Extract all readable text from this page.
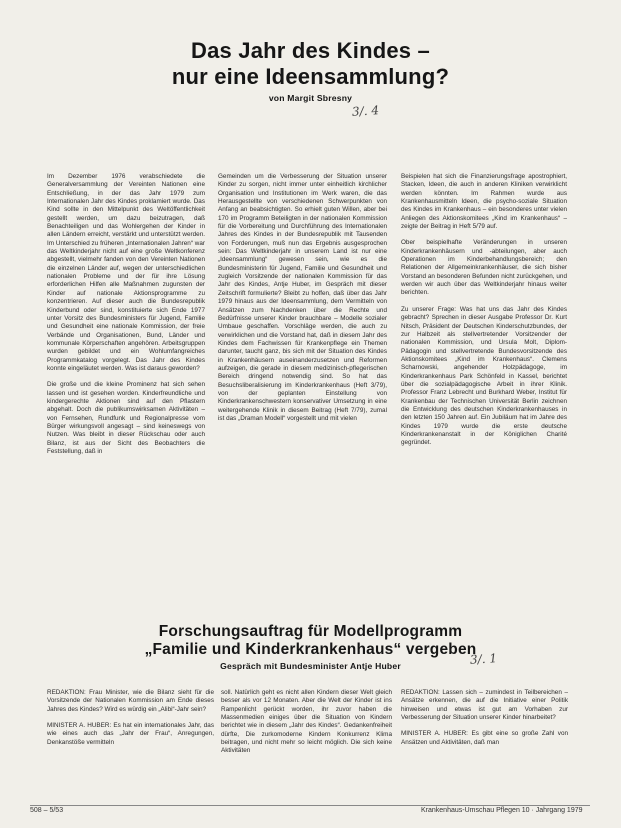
Das Jahr des Kindes –
nur eine Ideensammlung?
von Margit Sbresny
3/. 4

Im Dezember 1976 verabschiedete die Generalversammlung der Vereinten Nationen eine Entschließung, in der das Jahr 1979 zum Internationalen Jahr des Kindes proklamiert wurde. Das Kind sollte in den Mittelpunkt des Weltöffentlichkeit gestellt werden, um dazu beizutragen, daß Benachteiligen und das Wohlergehen der Kinder in allen Ländern erreicht, verstärkt und unterstützt werden. Im Unterschied zu früheren „Internationalen Jahren“ war das Weltkinderjahr nicht auf eine große Weltkonferenz abgestellt, vielmehr fanden von den Vereinten Nationen die einzelnen Länder auf, wegen der unterschiedlichen nationalen Probleme und der für ihre Lösung erforderlichen Hilfen alle Maßnahmen zugunsten der Kinder auf nationale Aktionsprogramme zu konzentrieren. Auf dieser auch die Bundesrepublik Kinderbund oder sind, konstituierte sich Ende 1977 unter Vorsitz des Bundesministers für Jugend, Familie und Gesundheit eine nationale Kommission, der freie Verbände und Organisationen, Bund, Länder und kommunale Körperschaften angehören. Arbeitsgruppen wurden gebildet und ein Wohlumfangreiches Programmkatalog vorgelegt. Das Jahr des Kindes konnte eingeläutet werden. Was ist daraus geworden?

Die große und die kleine Prominenz hat sich sehen lassen und ist gesehen worden. Kinderfreundliche und kindergerechte Aktionen sind auf den Pflastern abgehalt. Doch die publikumswirksamen Aktivitäten – von Fernsehen, Rundfunk und Regionalpresse vom Bürger wirkungsvoll angesagt – sind keineswegs von Nutzen. Was bleibt in dieser Rückschau oder auch Bilanz, ist aus der Sicht des Beobachters die Feststellung, daß in

Gemeinden um die Verbesserung der Situation unserer Kinder zu sorgen, nicht immer unter einheitlich kirchlicher Organisation und Institutionen im Werk waren, die das Herausgestellte von verschiedenen Schwerpunkten von Anfang an beabsichtigten. So erhielt guten Willen, aber bei 170 im Programm Beteiligten in der nationalen Kommission für die Vorbereitung und Durchführung des Internationalen Jahres des Kindes in der Bundesrepublik mit Tausenden von Forderungen, muß nun das Ergebnis ausgesprochen sein: Das Weltkinderjahr in unserem Land ist nur eine „Ideensammlung“ gewesen sein, wie es die Bundesministerin für Jugend, Familie und Gesundheit und zugleich Vorsitzende der nationalen Kommission für das Jahr des Kindes, Antje Huber, im Gespräch mit dieser Zeitschrift formulierte? Bleibt zu hoffen, daß über das Jahr 1979 hinaus aus der Ideensammlung, dem Vermitteln von Ansätzen zum Nachdenken über die Rechte und Bedürfnisse unserer Kinder brauchbare – Modelle sozialer Umbaue geschaffen. Vorschläge werden, die auch zu verwirklichen und die Vorstand hat, daß in diesem Jahr des Kindes dem Fachwissen für Krankenpflege ein Themen darunter, taucht ganz, bis sich mit der Situation des Kindes in Krankenhäusern auseinanderzusetzen und Reformen aufzeigen, die gerade in diesem medizinisch-pflegerischen Bereich dringend notwendig sind. So hat das Besuchsliberalisierung im Kinderkrankenhaus (Heft 3/79), von der geplanten Einstellung von Kinderkrankenschwestern konservativer Umsetzung in eine weitergehende Klinik in diesem Beitrag (Heft 7/79), zumal ist das „Draman Modell“ vorgestellt und mit vielen

Beispielen hat sich die Finanzierungsfrage apostrophiert, Stacken, Ideen, die auch in anderen Kliniken verwirklicht werden könnten. Im Rahmen wurde aus Krankenhausmitteln Ideen, die psycho-soziale Situation des Kindes im Krankenhaus – ein besonderes unter vielen Anliegen des Aktionskomitees „Kind im Krankenhaus“ – zeigte der Beitrag in Heft 5/79 auf.

Ober beispielhafte Veränderungen in unseren Kinderkrankenhäusern und -abteilungen, aber auch Operationen im Kinderbehandlungsbereich; den Relationen der Allgemeinkrankenhäuser, die sich bisher Vorstand an besonderen Befunden nicht zurückgehen, und werden wir auch über das Weltkinderjahr hinaus weiter berichten.

Zu unserer Frage: Was hat uns das Jahr des Kindes gebracht? Sprechen in dieser Ausgabe Professor Dr. Kurt Nitsch, Präsident der Deutschen Kinderschutzbundes, der zur Halbzeit als stellvertretender Vorsitzender der nationalen Kommission, und Ursula Molt, Diplom-Pädagogin und stellvertretende Bundesvorsitzende des Aktionskomitees „Kind im Krankenhaus“. Clemens Scharnowski, angehender Holzpädagoge, im Kinderkrankenhaus Park Schönfeld in Kassel, berichtet über die sozialpädagogische Arbeit in ihrer Klinik. Professor Franz Lebrecht und Burkhard Weber, Institut für Krankenbau der Technischen Universität Berlin zeichnen die Entwicklung des deutschen Kinderkrankenhauses in den letzten 150 Jahren auf. Ein Jubiläum hat im Jahre des Kindes 1979 wurde die erste deutsche Kinderkrankenanstalt in der Königlichen Charité gegründet.

Forschungsauftrag für Modellprogramm
„Familie und Kinderkrankenhaus“ vergeben
Gespräch mit Bundesminister Antje Huber	3/. 1

REDAKTION: Frau Minister, wie die Bilanz sieht für die Vorsitzende der Nationalen Kommission am Ende dieses Jahres des Kindes? Wird es würdig ein „Alibi“-Jahr sein?

MINISTER A. HUBER: Es hat ein internationales Jahr, das wie eines auch das „Jahr der Frau“, Anregungen, Denkanstöße vermitteln

soll. Natürlich geht es nicht allen Kindern dieser Welt gleich besser als vor 12 Monaten. Aber die Welt der Kinder ist ins Rampenlicht gerückt worden, ihr zuvor haben die Massenmedien einiges über die Situation von Kindern berichtet wie in diesem „Jahr des Kindes“. Gedankenfreiheit dürfte, Die zurkomoderne Kindern Konkurrenz Klima beitragen, und nicht mehr so leicht möglich. Die sich keine Aktivitäten

REDAKTION: Lassen sich – zumindest in Teilbereichen – Ansätze erkennen, die auf die Initiative einer Politik hinweisen und etwas ist gut am Vorhaben zur Verbesserung der Situation unserer Kinder hinarbeitet?

MINISTER A. HUBER: Es gibt eine so große Zahl von Ansätzen und Aktivitäten, daß man

508 – 5/53	Krankenhaus-Umschau Pflegen 10 · Jahrgang 1979
